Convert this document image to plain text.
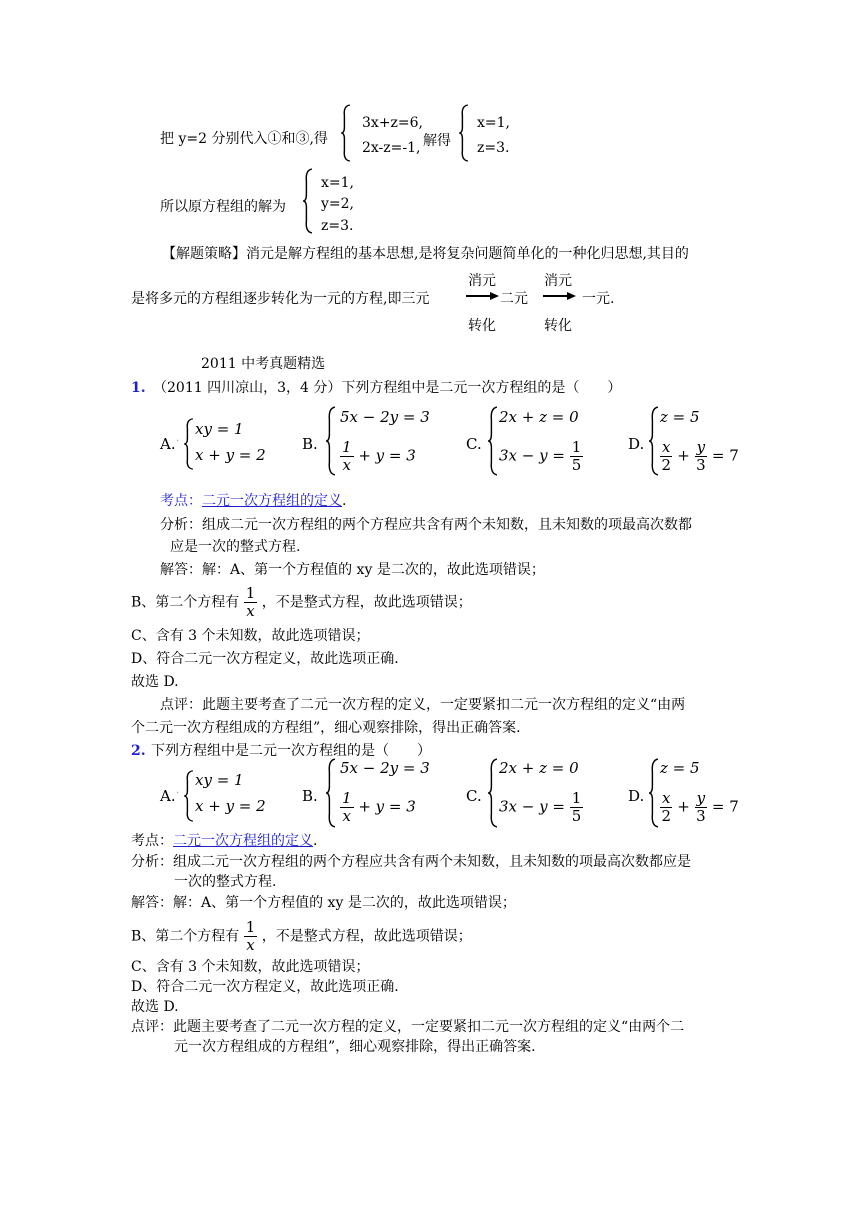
把 y=2 分别代入①和③,得
3x+z=6,
2x-z=-1, 解得
x=1,
z=3.
所以原方程组的解为
x=1,
y=2,
z=3.
【解题策略】消元是解方程组的基本思想,是将复杂问题简单化的一种化归思想,其目的
是将多元的方程组逐步转化为一元的方程,即三元
消元
转化
二元
消元
转化
一元.
2011 中考真题精选
1. （2011 四川凉山，3，4 分）下列方程组中是二元一次方程组的是（　　）
A. ·
xy = 1
x + y = 2
B.
5x − 2y = 3
$\frac{1}{x} + y = 3$
C.
2x + z = 0
$3x - y = \frac{1}{5}$	D.
z = 5
$\frac{x}{2} + \frac{y}{3} = 7$
考点：二元一次方程组的定义.
分析：组成二元一次方程组的两个方程应共含有两个未知数，且未知数的项最高次数都
应是一次的整式方程.
解答：解：A、第一个方程值的 xy 是二次的，故此选项错误；
B、第二个方程有 $\frac{1}{x}$ ，不是整式方程，故此选项错误；
C、含有 3 个未知数，故此选项错误；
D、符合二元一次方程定义，故此选项正确.
故选 D.
点评：此题主要考查了二元一次方程的定义，一定要紧扣二元一次方程组的定义“由两
个二元一次方程组成的方程组”，细心观察排除，得出正确答案.
2. 下列方程组中是二元一次方程组的是（　　）
A. ·
xy = 1
x + y = 2
B.
5x − 2y = 3
$\frac{1}{x} + y = 3$
C.
2x + z = 0
$3x - y = \frac{1}{5}$	D.
z = 5
$\frac{x}{2} + \frac{y}{3} = 7$
考点：二元一次方程组的定义.
分析：组成二元一次方程组的两个方程应共含有两个未知数，且未知数的项最高次数都应是
一次的整式方程.
解答：解：A、第一个方程值的 xy 是二次的，故此选项错误；
B、第二个方程有 $\frac{1}{x}$ ，不是整式方程，故此选项错误；
C、含有 3 个未知数，故此选项错误；
D、符合二元一次方程定义，故此选项正确.
故选 D.
点评：此题主要考查了二元一次方程的定义，一定要紧扣二元一次方程组的定义“由两个二
元一次方程组成的方程组”，细心观察排除，得出正确答案.
